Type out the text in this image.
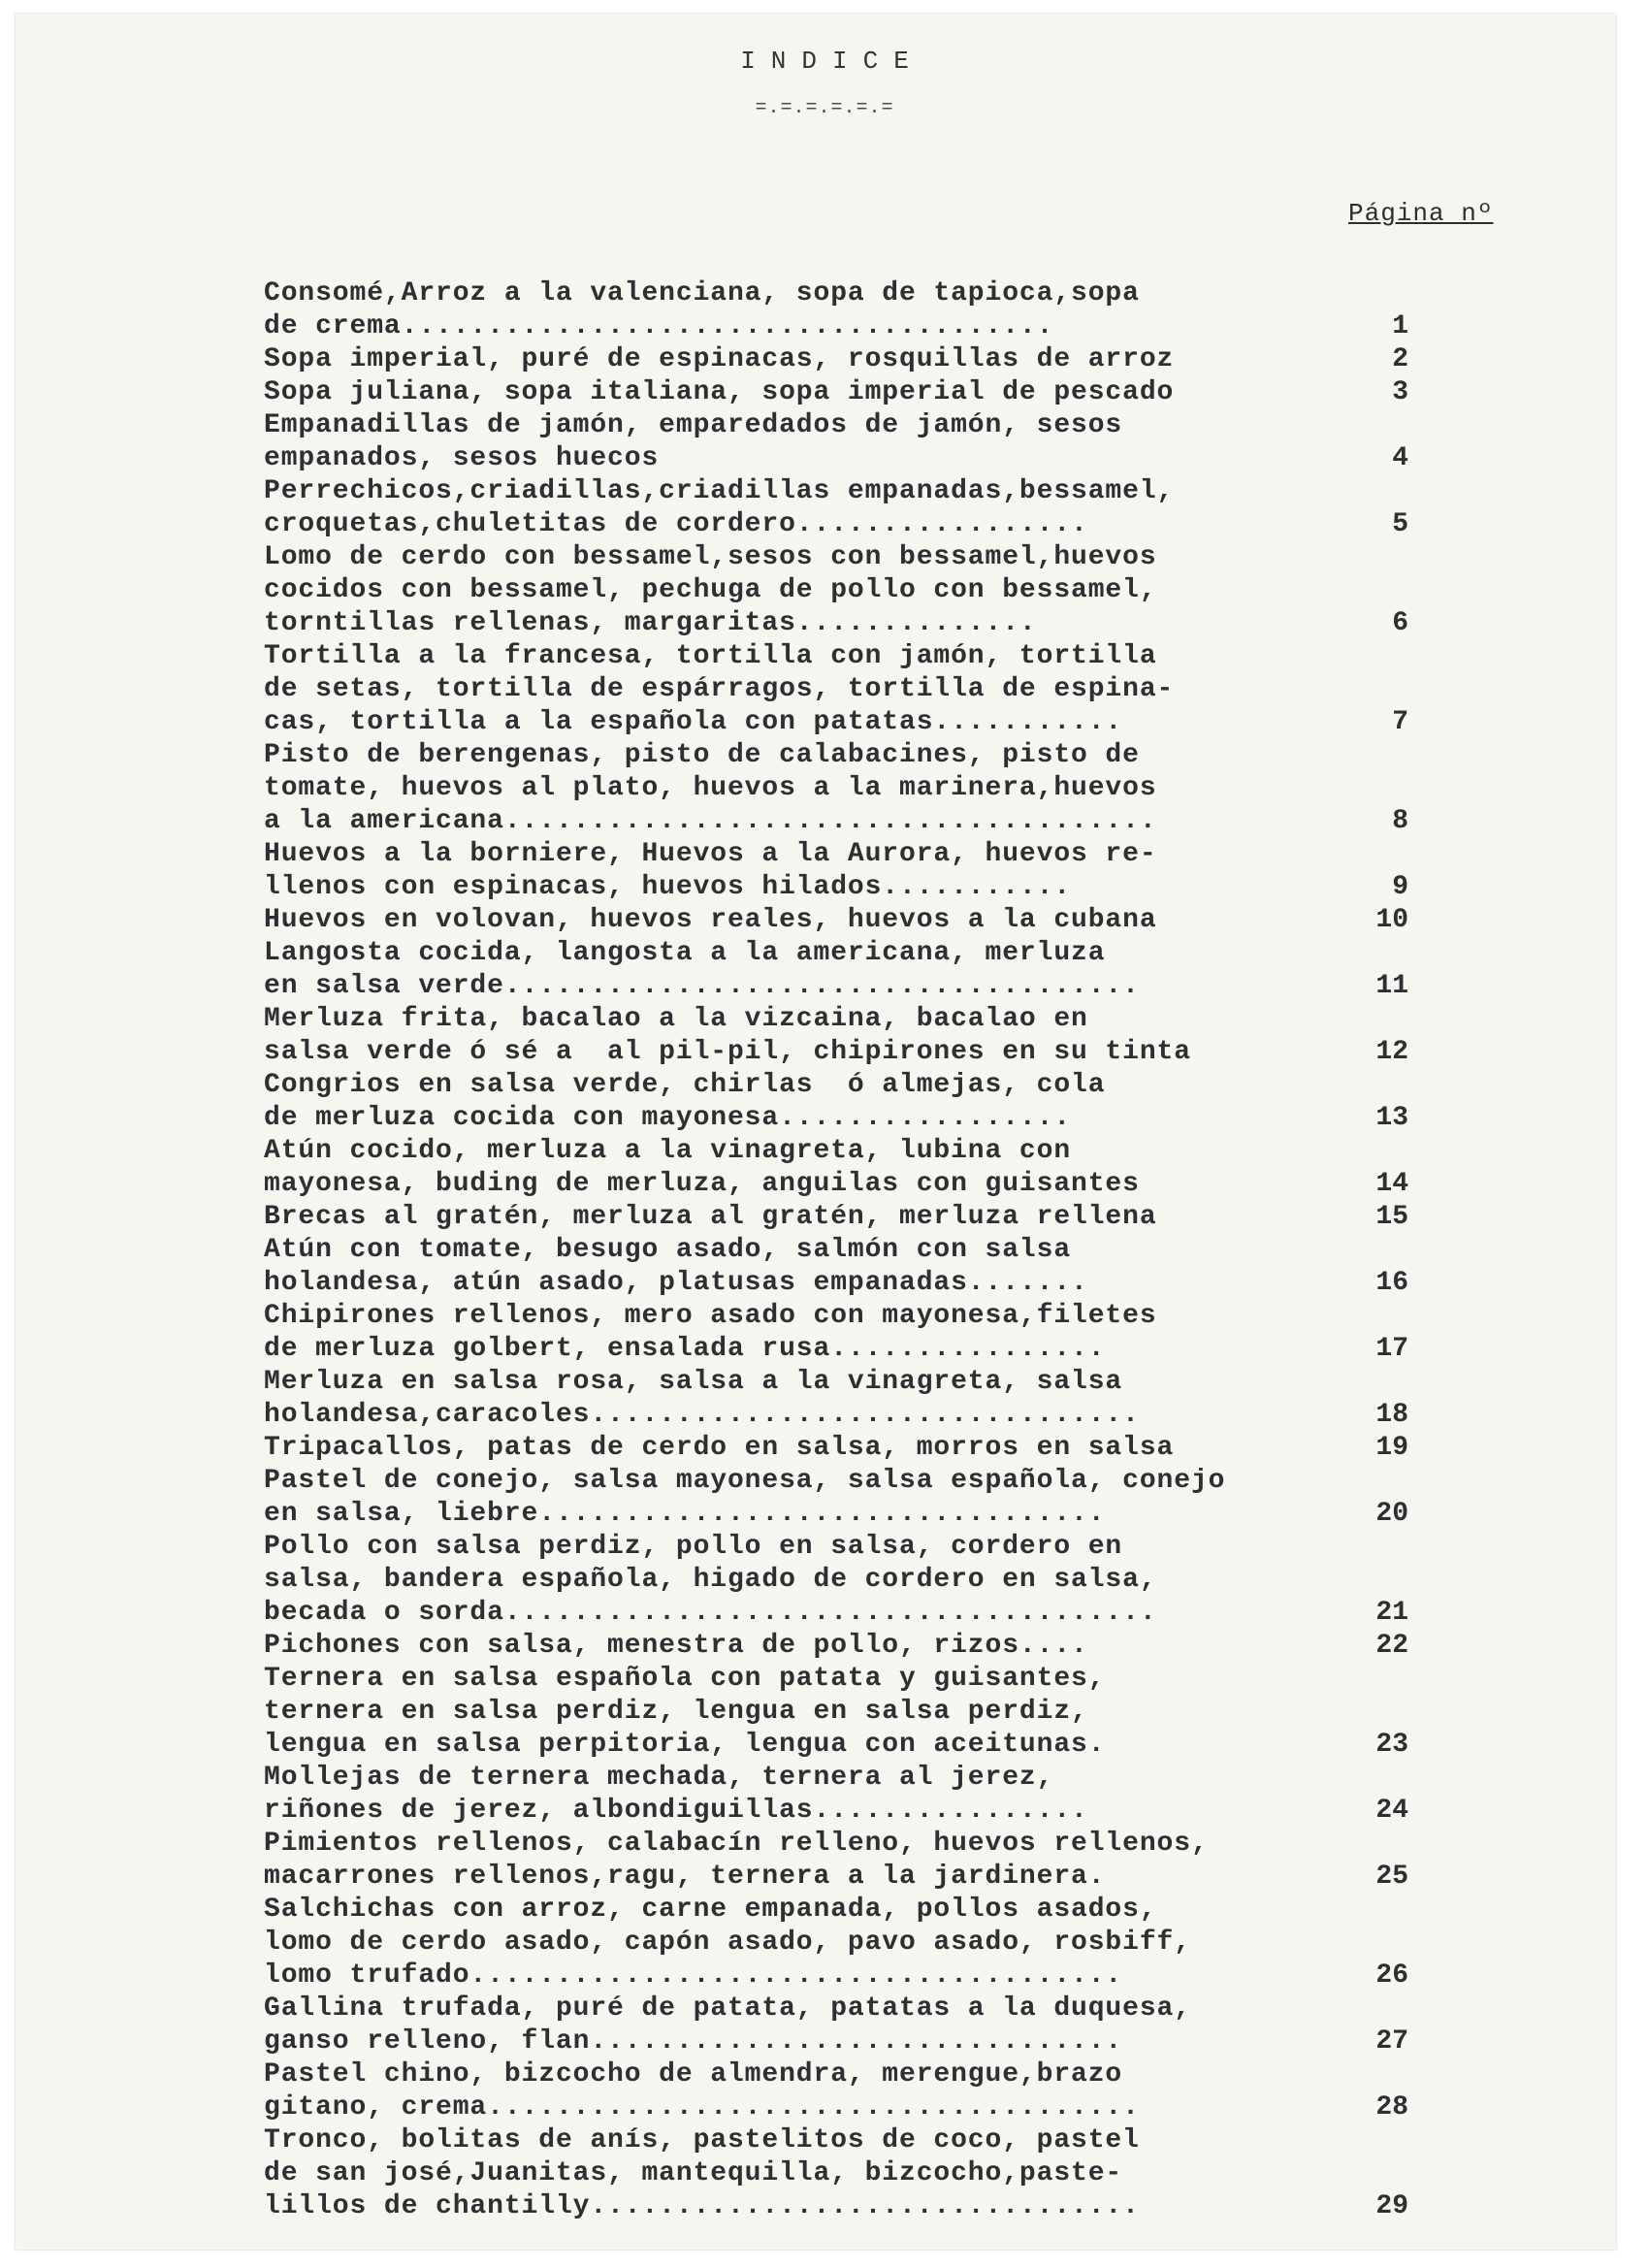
INDICE
=.=.=.=.=.=
Página nº
Consomé,Arroz a la valenciana, sopa de tapioca,sopa
de crema......................................	1
Sopa imperial, puré de espinacas, rosquillas de arroz	2
Sopa juliana, sopa italiana, sopa imperial de pescado	3
Empanadillas de jamón, emparedados de jamón, sesos
empanados, sesos huecos	4
Perrechicos,criadillas,criadillas empanadas,bessamel,
croquetas,chuletitas de cordero.................	5
Lomo de cerdo con bessamel,sesos con bessamel,huevos
cocidos con bessamel, pechuga de pollo con bessamel,
torntillas rellenas, margaritas..............	6
Tortilla a la francesa, tortilla con jamón, tortilla
de setas, tortilla de espárragos, tortilla de espina-
cas, tortilla a la española con patatas...........	7
Pisto de berengenas, pisto de calabacines, pisto de
tomate, huevos al plato, huevos a la marinera,huevos
a la americana......................................	8
Huevos a la borniere, Huevos a la Aurora, huevos re-
llenos con espinacas, huevos hilados...........	9
Huevos en volovan, huevos reales, huevos a la cubana	10
Langosta cocida, langosta a la americana, merluza
en salsa verde.....................................	11
Merluza frita, bacalao a la vizcaina, bacalao en
salsa verde ó sé a  al pil-pil, chipirones en su tinta	12
Congrios en salsa verde, chirlas  ó almejas, cola
de merluza cocida con mayonesa.................	13
Atún cocido, merluza a la vinagreta, lubina con
mayonesa, buding de merluza, anguilas con guisantes	14
Brecas al gratén, merluza al gratén, merluza rellena	15
Atún con tomate, besugo asado, salmón con salsa
holandesa, atún asado, platusas empanadas.......	16
Chipirones rellenos, mero asado con mayonesa,filetes
de merluza golbert, ensalada rusa................	17
Merluza en salsa rosa, salsa a la vinagreta, salsa
holandesa,caracoles................................	18
Tripacallos, patas de cerdo en salsa, morros en salsa	19
Pastel de conejo, salsa mayonesa, salsa española, conejo
en salsa, liebre.................................	20
Pollo con salsa perdiz, pollo en salsa, cordero en
salsa, bandera española, higado de cordero en salsa,
becada o sorda......................................	21
Pichones con salsa, menestra de pollo, rizos....	22
Ternera en salsa española con patata y guisantes,
ternera en salsa perdiz, lengua en salsa perdiz,
lengua en salsa perpitoria, lengua con aceitunas.	23
Mollejas de ternera mechada, ternera al jerez,
riñones de jerez, albondiguillas................	24
Pimientos rellenos, calabacín relleno, huevos rellenos,
macarrones rellenos,ragu, ternera a la jardinera.	25
Salchichas con arroz, carne empanada, pollos asados,
lomo de cerdo asado, capón asado, pavo asado, rosbiff,
lomo trufado......................................	26
Gallina trufada, puré de patata, patatas a la duquesa,
ganso relleno, flan...............................	27
Pastel chino, bizcocho de almendra, merengue,brazo
gitano, crema......................................	28
Tronco, bolitas de anís, pastelitos de coco, pastel
de san josé,Juanitas, mantequilla, bizcocho,paste-
lillos de chantilly................................	29
